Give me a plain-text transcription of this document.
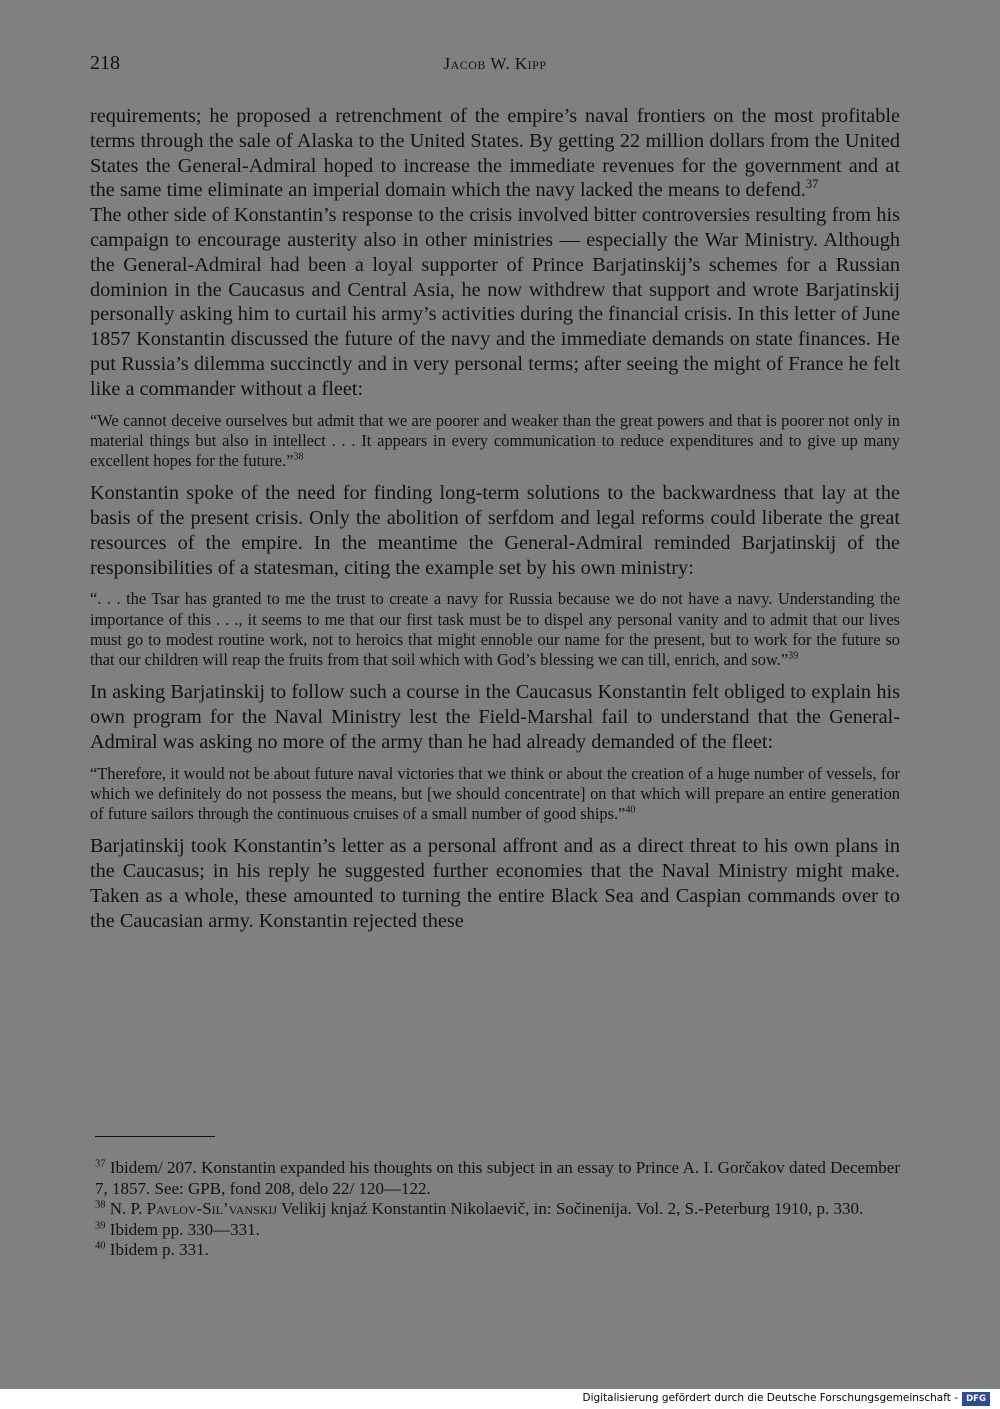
218	Jacob W. Kipp

requirements; he proposed a retrenchment of the empire’s naval frontiers on the most profitable terms through the sale of Alaska to the United States. By getting 22 million dollars from the United States the General-Admiral hoped to increase the immediate revenues for the government and at the same time eliminate an imperial domain which the navy lacked the means to defend.$^{37}$

The other side of Konstantin’s response to the crisis involved bitter controversies resulting from his campaign to encourage austerity also in other ministries — especially the War Ministry. Although the General-Admiral had been a loyal supporter of Prince Barjatinskij’s schemes for a Russian dominion in the Caucasus and Central Asia, he now withdrew that support and wrote Barjatinskij personally asking him to curtail his army’s activities during the financial crisis. In this letter of June 1857 Konstantin discussed the future of the navy and the immediate demands on state finances. He put Russia’s dilemma succinctly and in very personal terms; after seeing the might of France he felt like a commander without a fleet:

“We cannot deceive ourselves but admit that we are poorer and weaker than the great powers and that is poorer not only in material things but also in intellect . . . It appears in every communication to reduce expenditures and to give up many excellent hopes for the future.”$^{38}$

Konstantin spoke of the need for finding long-term solutions to the backwardness that lay at the basis of the present crisis. Only the abolition of serfdom and legal reforms could liberate the great resources of the empire. In the meantime the General-Admiral reminded Barjatinskij of the responsibilities of a statesman, citing the example set by his own ministry:

“. . . the Tsar has granted to me the trust to create a navy for Russia because we do not have a navy. Understanding the importance of this . . ., it seems to me that our first task must be to dispel any personal vanity and to admit that our lives must go to modest routine work, not to heroics that might ennoble our name for the present, but to work for the future so that our children will reap the fruits from that soil which with God’s blessing we can till, enrich, and sow.”$^{39}$

In asking Barjatinskij to follow such a course in the Caucasus Konstantin felt obliged to explain his own program for the Naval Ministry lest the Field-Marshal fail to understand that the General-Admiral was asking no more of the army than he had already demanded of the fleet:

“Therefore, it would not be about future naval victories that we think or about the creation of a huge number of vessels, for which we definitely do not possess the means, but [we should concentrate] on that which will prepare an entire generation of future sailors through the continuous cruises of a small number of good ships.”$^{40}$

Barjatinskij took Konstantin’s letter as a personal affront and as a direct threat to his own plans in the Caucasus; in his reply he suggested further economies that the Naval Ministry might make. Taken as a whole, these amounted to turning the entire Black Sea and Caspian commands over to the Caucasian army. Konstantin rejected these

$^{37}$ Ibidem/ 207. Konstantin expanded his thoughts on this subject in an essay to Prince A. I. Gorčakov dated December 7, 1857. See: GPB, fond 208, delo 22/ 120—122.

$^{38}$ N. P. Pavlov-Sil’vanskij Velikij knjaź Konstantin Nikolaevič, in: Sočinenija. Vol. 2, S.-Peterburg 1910, p. 330.

$^{39}$ Ibidem pp. 330—331.

$^{40}$ Ibidem p. 331.

Digitalisierung gefördert durch die Deutsche Forschungsgemeinschaft - DFG
